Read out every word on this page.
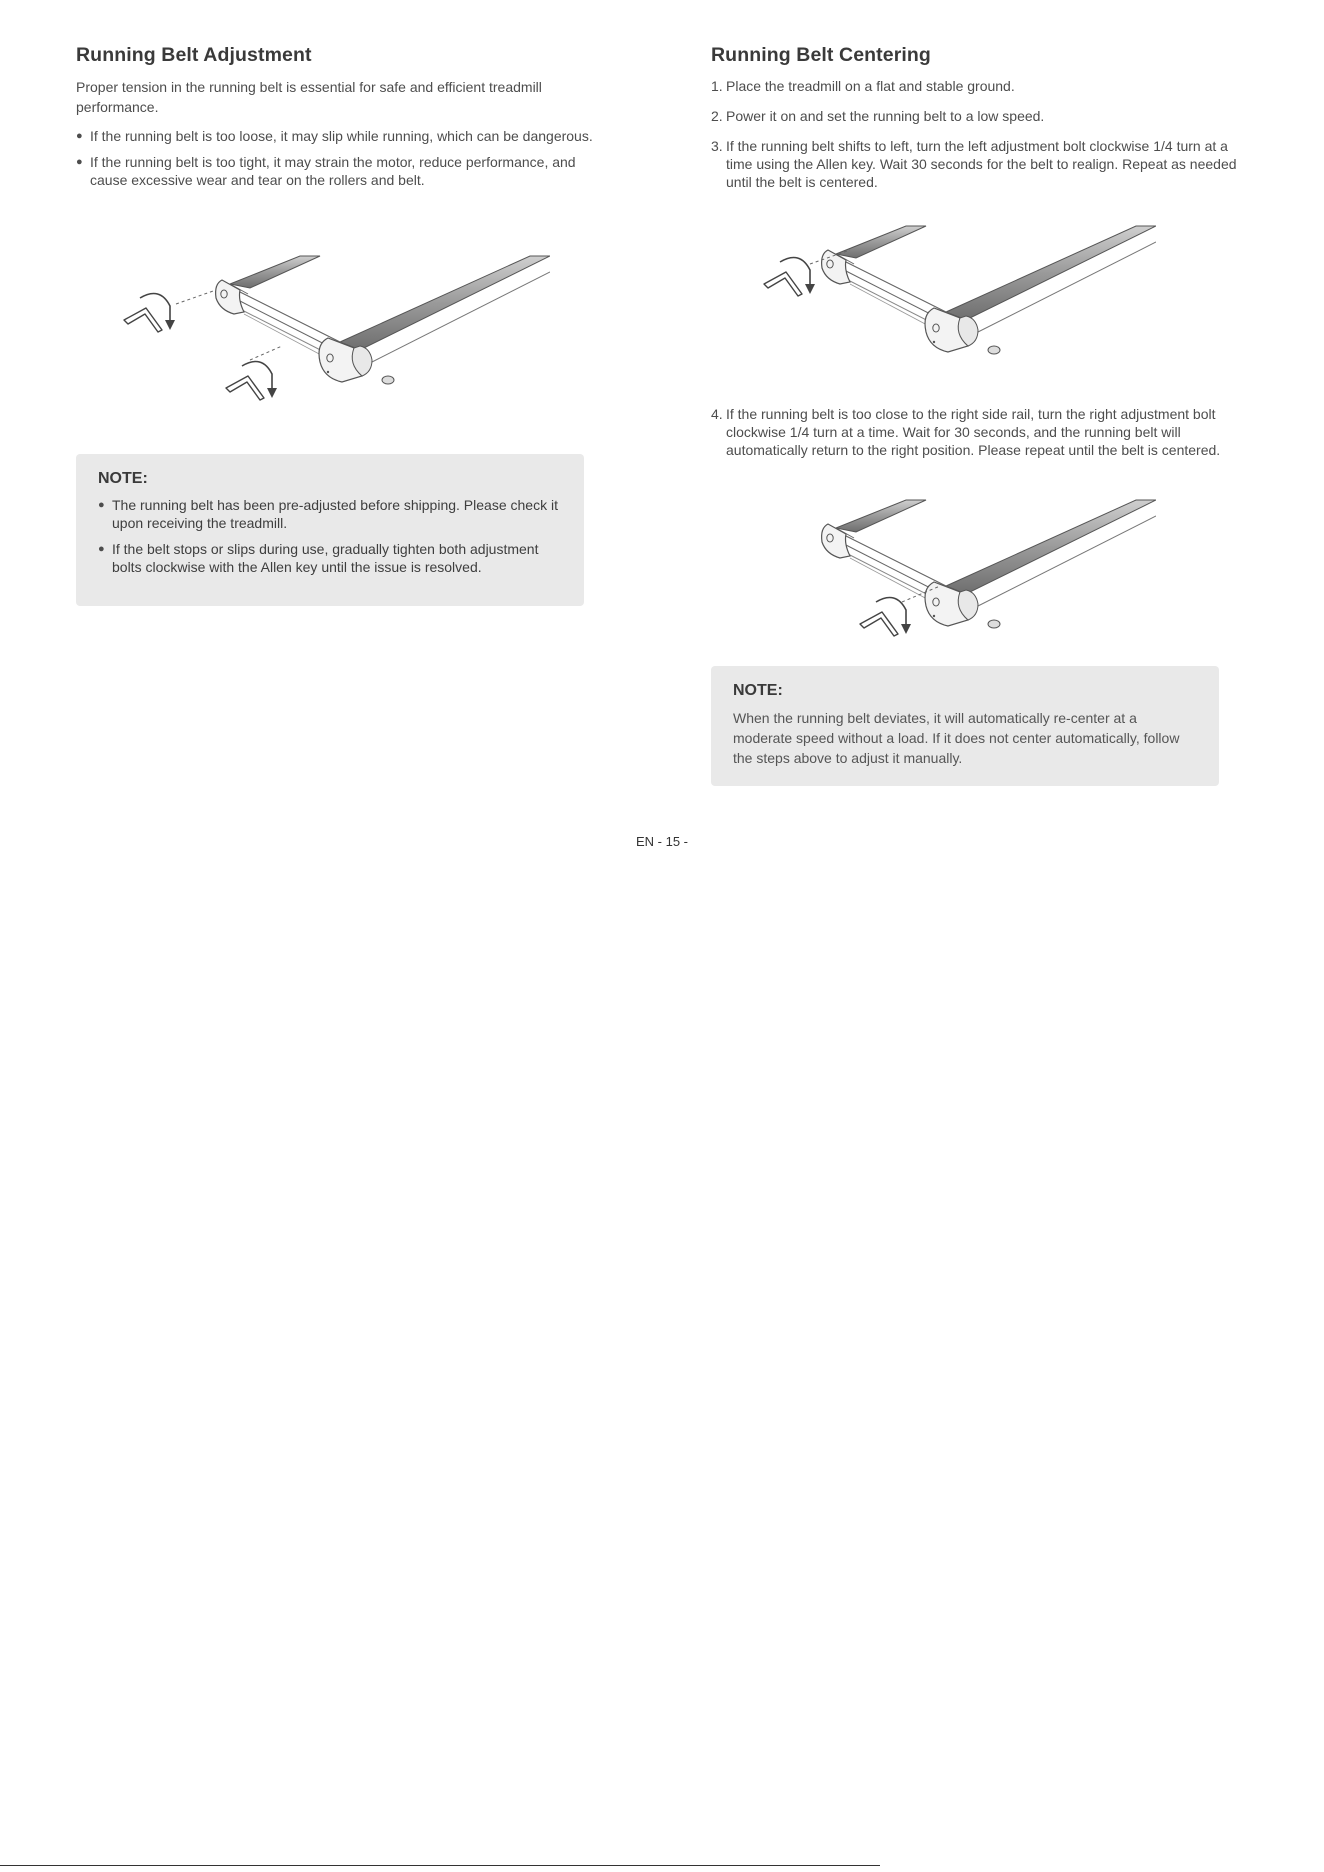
Running Belt Adjustment

Proper tension in the running belt is essential for safe and efficient treadmill performance.

● If the running belt is too loose, it may slip while running, which can be dangerous.
● If the running belt is too tight, it may strain the motor, reduce performance, and cause excessive wear and tear on the rollers and belt.
NOTE:
● The running belt has been pre-adjusted before shipping. Please check it upon receiving the treadmill.
● If the belt stops or slips during use, gradually tighten both adjustment bolts clockwise with the Allen key until the issue is resolved.
Running Belt Centering
1. Place the treadmill on a flat and stable ground.
2. Power it on and set the running belt to a low speed.
3. If the running belt shifts to left, turn the left adjustment bolt clockwise 1/4 turn at a time using the Allen key. Wait 30 seconds for the belt to realign. Repeat as needed until the belt is centered.
4. If the running belt is too close to the right side rail, turn the right adjustment bolt clockwise 1/4 turn at a time. Wait for 30 seconds, and the running belt will automatically return to the right position. Please repeat until the belt is centered.
NOTE:

When the running belt deviates, it will automatically re-center at a moderate speed without a load. If it does not center automatically, follow the steps above to adjust it manually.

EN - 15 -
